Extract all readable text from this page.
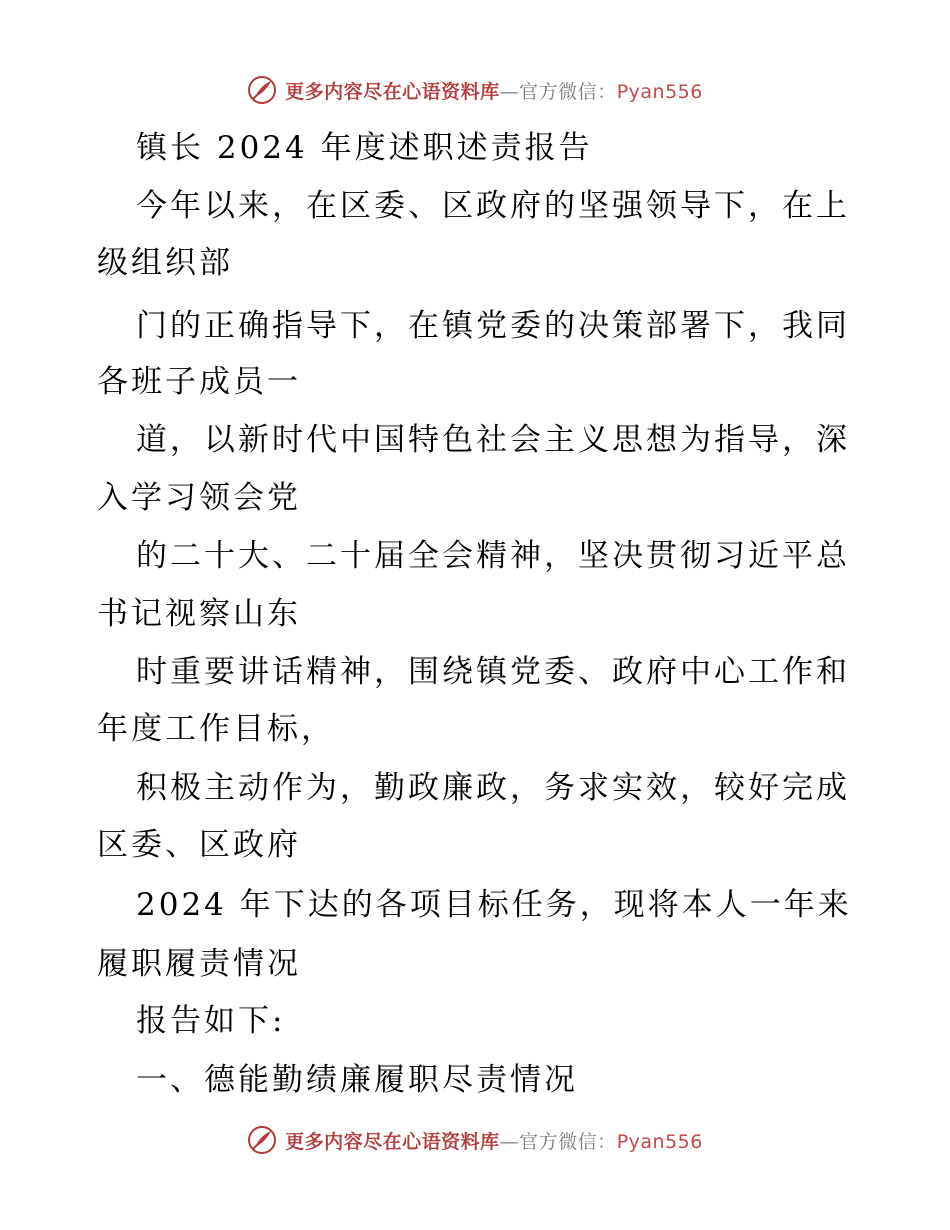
更多内容尽在心语资料库—官方微信：Pyan556
镇长 2024 年度述职述责报告
今年以来，在区委、区政府的坚强领导下，在上
级组织部
门的正确指导下，在镇党委的决策部署下，我同
各班子成员一
道，以新时代中国特色社会主义思想为指导，深
入学习领会党
的二十大、二十届全会精神，坚决贯彻习近平总
书记视察山东
时重要讲话精神，围绕镇党委、政府中心工作和
年度工作目标，
积极主动作为，勤政廉政，务求实效，较好完成
区委、区政府
2024 年下达的各项目标任务，现将本人一年来
履职履责情况
报告如下:
一、德能勤绩廉履职尽责情况
更多内容尽在心语资料库—官方微信：Pyan556
